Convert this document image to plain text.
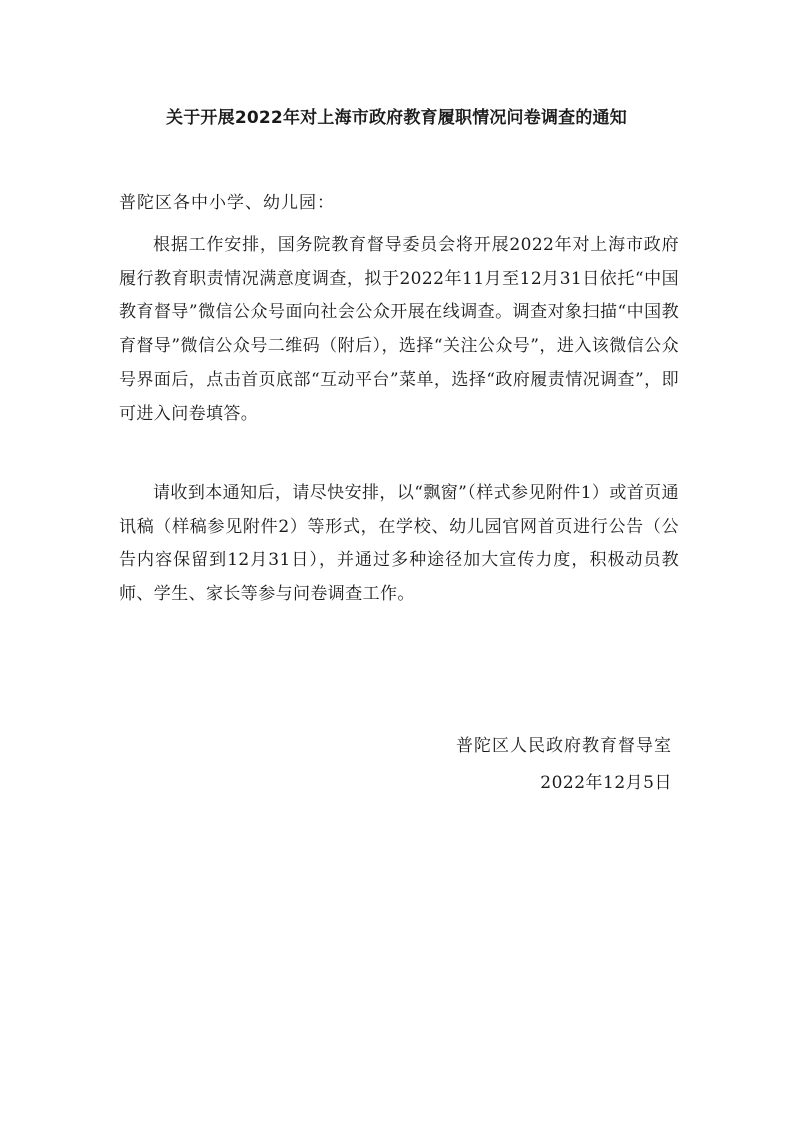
关于开展2022年对上海市政府教育履职情况问卷调查的通知
普陀区各中小学、幼儿园：

根据工作安排，国务院教育督导委员会将开展2022年对上海市政府履行教育职责情况满意度调查，拟于2022年11月至12月31日依托“中国教育督导”微信公众号面向社会公众开展在线调查。调查对象扫描“中国教育督导”微信公众号二维码（附后），选择“关注公众号”，进入该微信公众号界面后，点击首页底部“互动平台”菜单，选择“政府履责情况调查”，即可进入问卷填答。

请收到本通知后，请尽快安排，以“飘窗”（样式参见附件1）或首页通讯稿（样稿参见附件2）等形式，在学校、幼儿园官网首页进行公告（公告内容保留到12月31日），并通过多种途径加大宣传力度，积极动员教师、学生、家长等参与问卷调查工作。

普陀区人民政府教育督导室
2022年12月5日
